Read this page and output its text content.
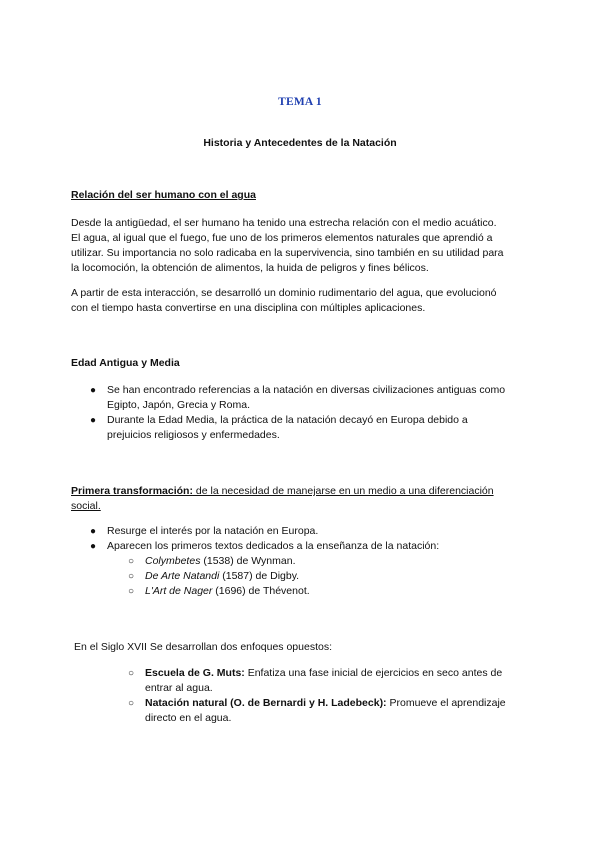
TEMA 1
Historia y Antecedentes de la Natación
Relación del ser humano con el agua
Desde la antigüedad, el ser humano ha tenido una estrecha relación con el medio acuático.
El agua, al igual que el fuego, fue uno de los primeros elementos naturales que aprendió a
utilizar. Su importancia no solo radicaba en la supervivencia, sino también en su utilidad para
la locomoción, la obtención de alimentos, la huida de peligros y fines bélicos.
A partir de esta interacción, se desarrolló un dominio rudimentario del agua, que evolucionó
con el tiempo hasta convertirse en una disciplina con múltiples aplicaciones.
Edad Antigua y Media
● Se han encontrado referencias a la natación en diversas civilizaciones antiguas como
Egipto, Japón, Grecia y Roma.
● Durante la Edad Media, la práctica de la natación decayó en Europa debido a
prejuicios religiosos y enfermedades.
Primera transformación: de la necesidad de manejarse en un medio a una diferenciación
social.
● Resurge el interés por la natación en Europa.
● Aparecen los primeros textos dedicados a la enseñanza de la natación:
○ Colymbetes (1538) de Wynman.
○ De Arte Natandi (1587) de Digby.
○ L'Art de Nager (1696) de Thévenot.
En el Siglo XVII Se desarrollan dos enfoques opuestos:
○ Escuela de G. Muts: Enfatiza una fase inicial de ejercicios en seco antes de
entrar al agua.
○ Natación natural (O. de Bernardi y H. Ladebeck): Promueve el aprendizaje
directo en el agua.
